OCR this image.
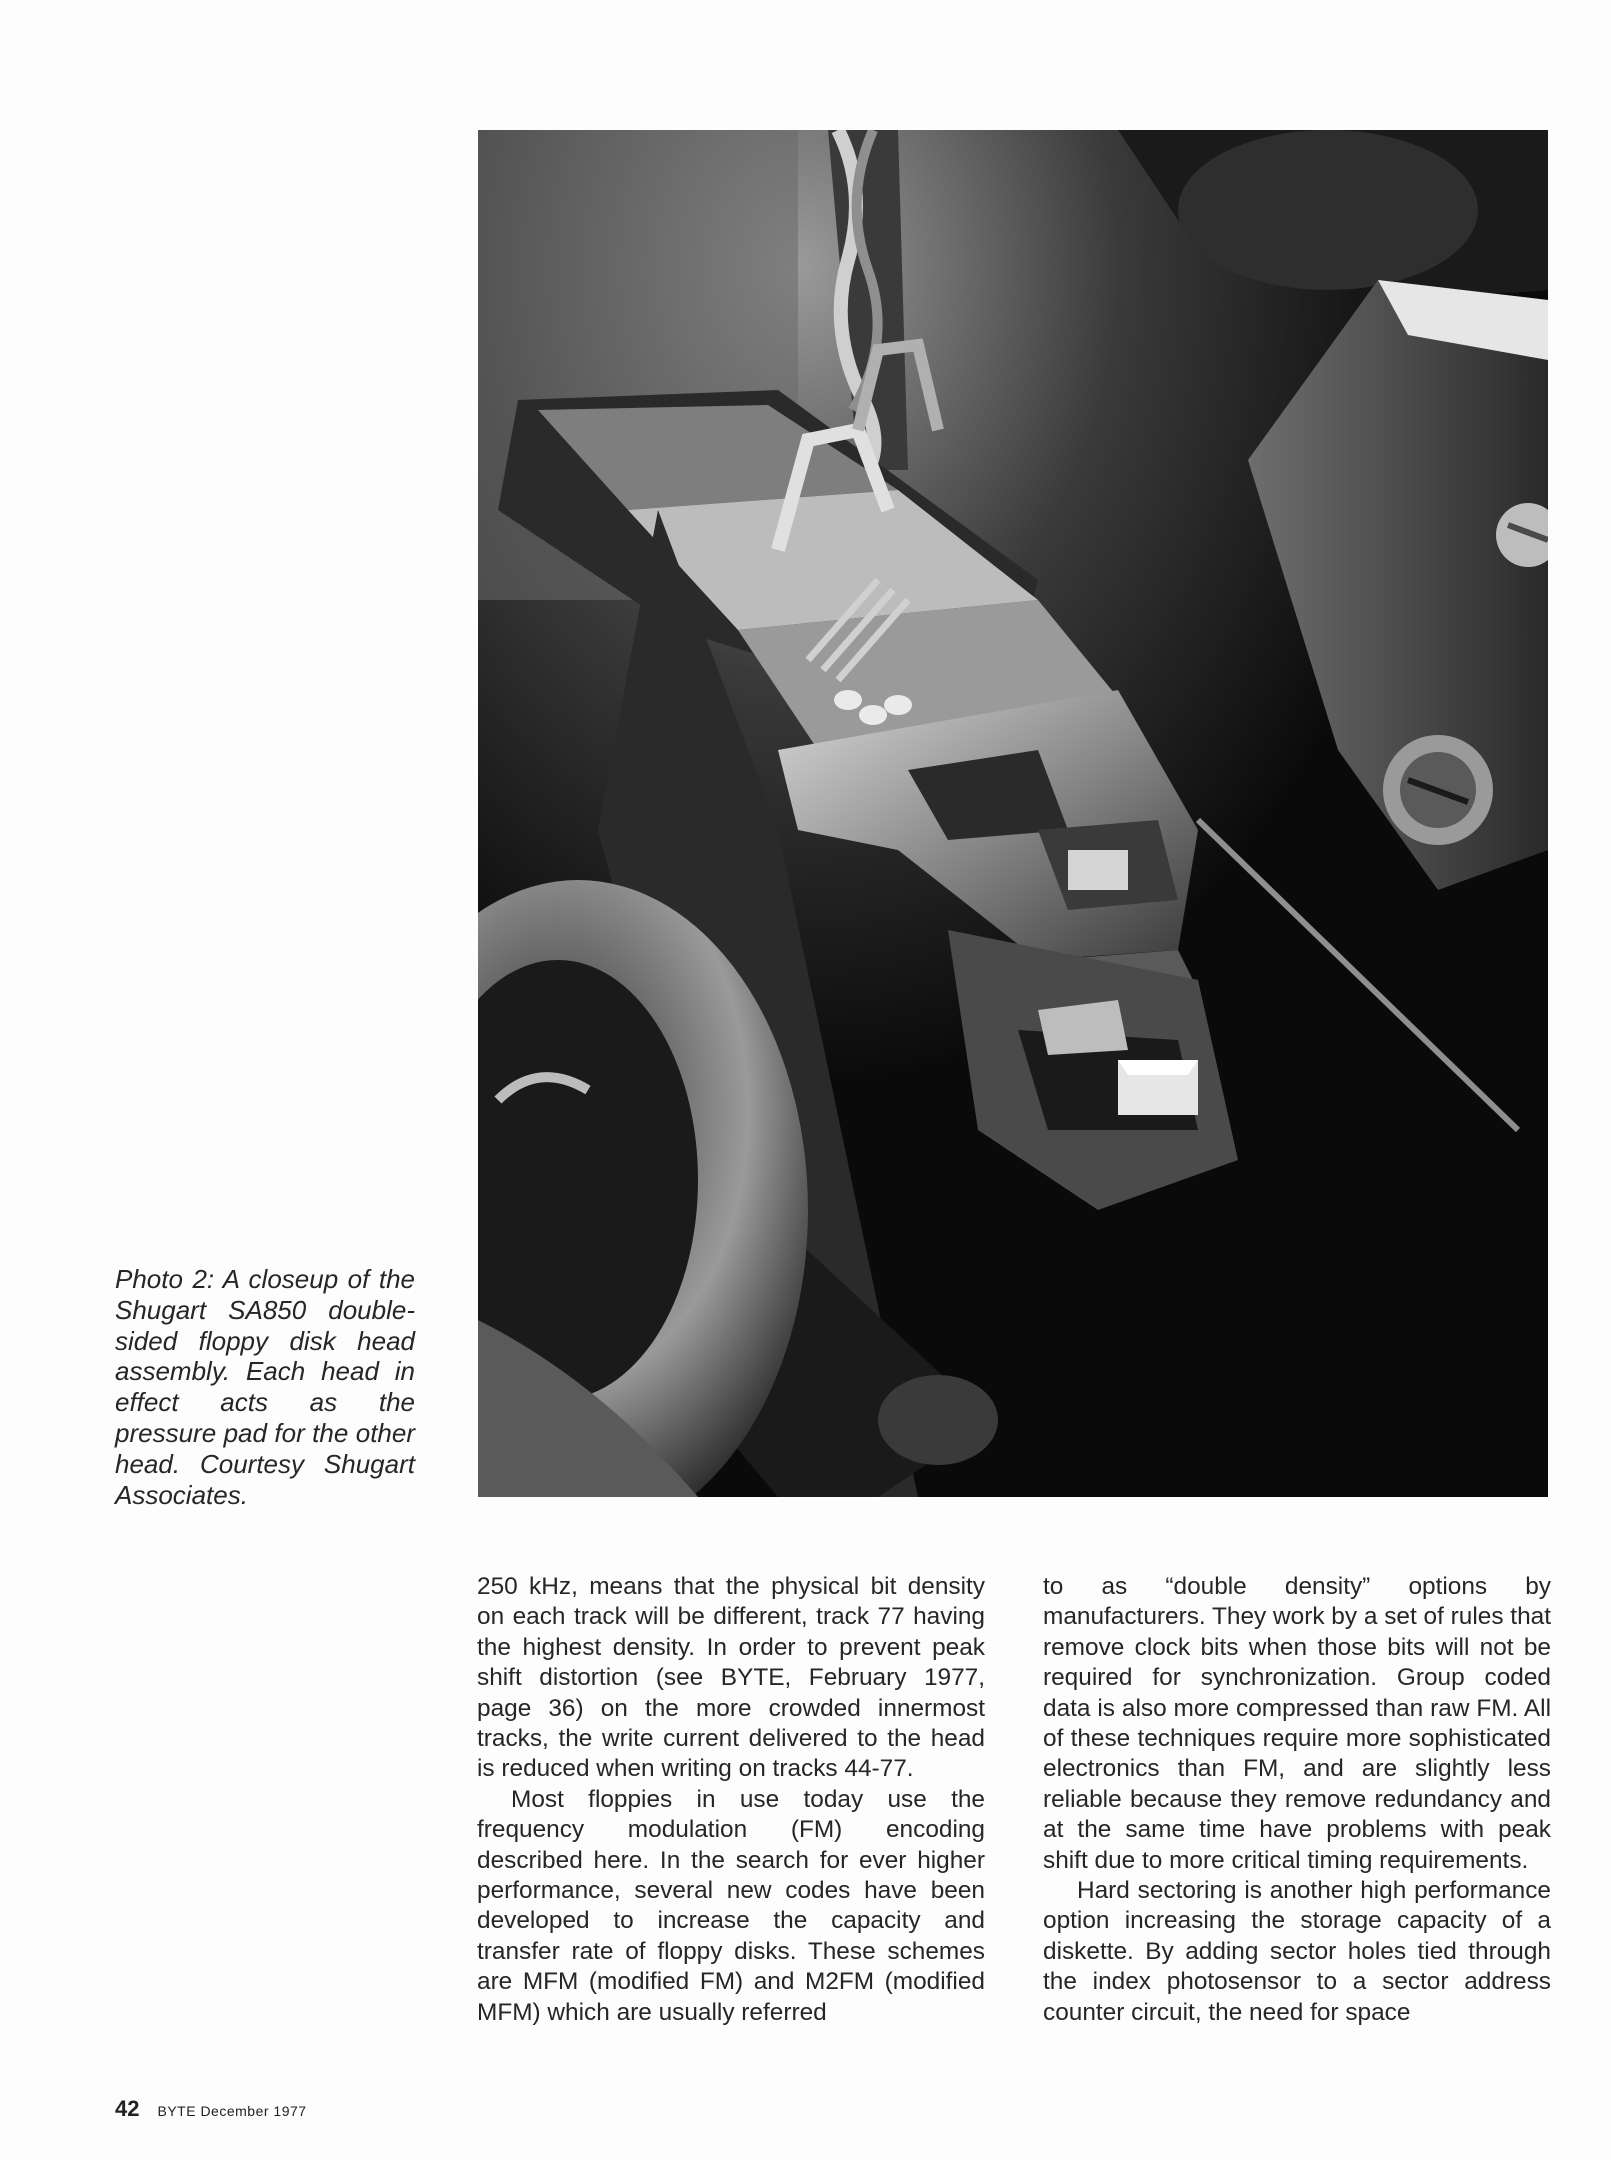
Photo 2: A closeup of the Shugart SA850 double-sided floppy disk head assembly. Each head in effect acts as the pressure pad for the other head. Courtesy Shugart Associates.

250 kHz, means that the physical bit density on each track will be different, track 77 having the highest density. In order to prevent peak shift distortion (see BYTE, February 1977, page 36) on the more crowded innermost tracks, the write current delivered to the head is reduced when writing on tracks 44-77.

Most floppies in use today use the frequency modulation (FM) encoding described here. In the search for ever higher performance, several new codes have been developed to increase the capacity and transfer rate of floppy disks. These schemes are MFM (modified FM) and M2FM (modified MFM) which are usually referred

to as “double density” options by manufacturers. They work by a set of rules that remove clock bits when those bits will not be required for synchronization. Group coded data is also more compressed than raw FM. All of these techniques require more sophisticated electronics than FM, and are slightly less reliable because they remove redundancy and at the same time have problems with peak shift due to more critical timing requirements.

Hard sectoring is another high performance option increasing the storage capacity of a diskette. By adding sector holes tied through the index photosensor to a sector address counter circuit, the need for space

42 BYTE December 1977
